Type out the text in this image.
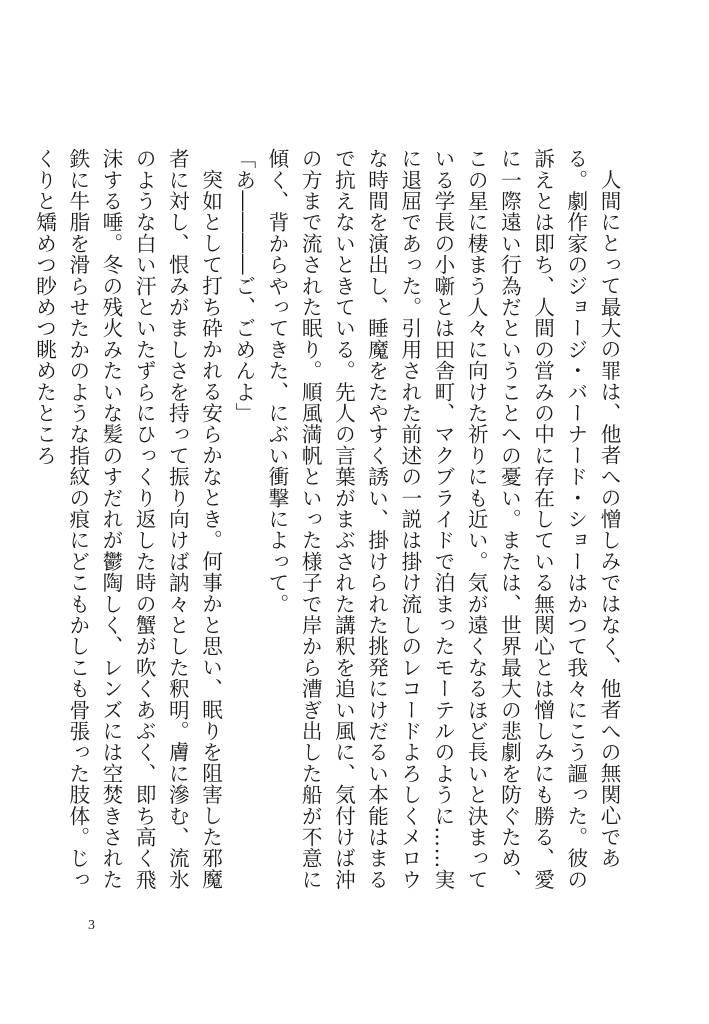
人間にとって最大の罪は、他者への憎しみではなく、他者への無関心である。劇作家のジョージ・バーナード・ショーはかつて我々にこう謳った。彼の訴えとは即ち、人間の営みの中に存在している無関心とは憎しみにも勝る、愛に一際遠い行為だということへの憂い。または、世界最大の悲劇を防ぐため、この星に棲まう人々に向けた祈りにも近い。気が遠くなるほど長いと決まっている学長の小噺とは田舎町、マクブライドで泊まったモーテルのように……実に退屈であった。引用された前述の一説は掛け流しのレコードよろしくメロウな時間を演出し、睡魔をたやすく誘い、掛けられた挑発にけだるい本能はまるで抗えないときている。先人の言葉がまぶされた講釈を追い風に、気付けば沖の方まで流された眠り。順風満帆といった様子で岸から漕ぎ出した船が不意に傾く、背からやってきた、にぶい衝撃によって。

「あ――――ご、ごめんよ」

突如として打ち砕かれる安らかなとき。何事かと思い、眠りを阻害した邪魔者に対し、恨みがましさを持って振り向けば訥々とした釈明。膚に滲む、流氷のような白い汗といたずらにひっくり返した時の蟹が吹くあぶく、即ち高く飛沫する唾。冬の残火みたいな髪のすだれが鬱陶しく、レンズには空焚きされた鉄に牛脂を滑らせたかのような指紋の痕にどこもかしこも骨張った肢体。じっくりと矯めつ眇めつ眺めたところ

3
